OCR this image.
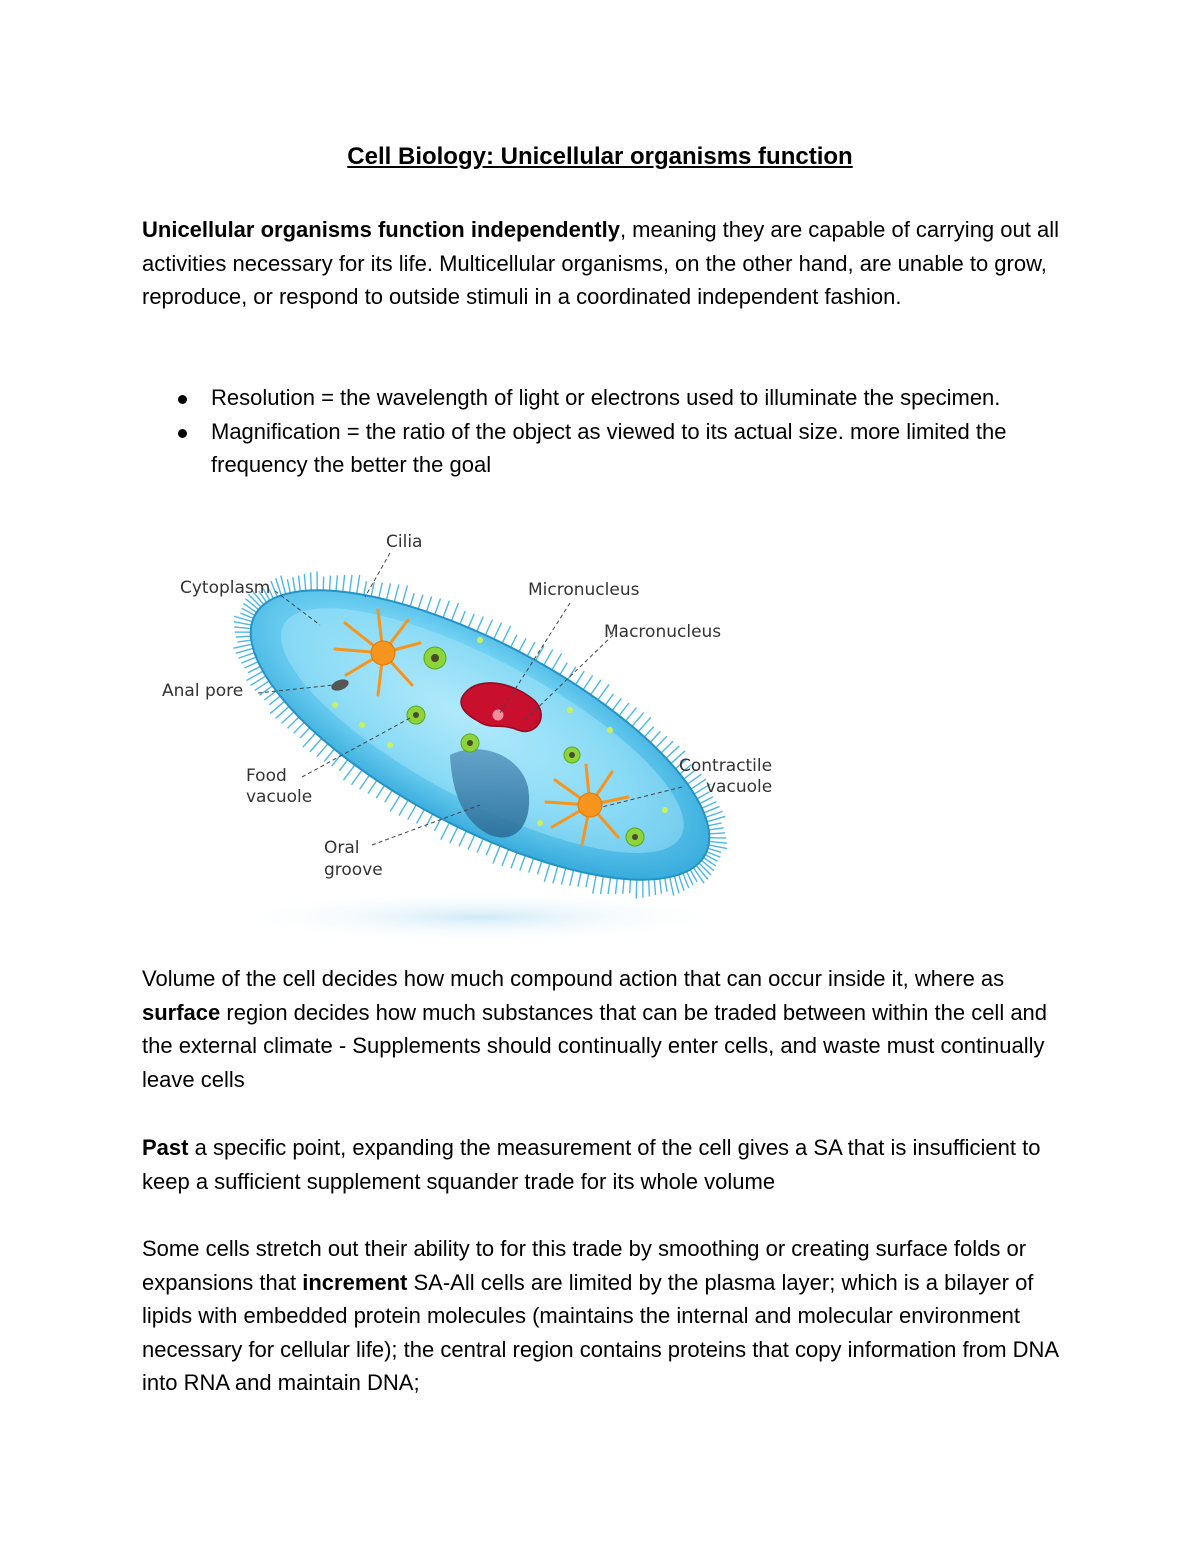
Cell Biology: Unicellular organisms function

Unicellular organisms function independently, meaning they are capable of carrying out all activities necessary for its life. Multicellular organisms, on the other hand, are unable to grow, reproduce, or respond to outside stimuli in a coordinated independent fashion.

Resolution = the wavelength of light or electrons used to illuminate the specimen.
Magnification = the ratio of the object as viewed to its actual size. more limited the frequency the better the goal
Cilia
Cytoplasm	Micronucleus
Macronucleus
Anal pore
Food
vacuole
Contractile
vacuole
Oral
groove

Volume of the cell decides how much compound action that can occur inside it, where as surface region decides how much substances that can be traded between within the cell and the external climate - Supplements should continually enter cells, and waste must continually leave cells

Past a specific point, expanding the measurement of the cell gives a SA that is insufficient to keep a sufficient supplement squander trade for its whole volume

Some cells stretch out their ability to for this trade by smoothing or creating surface folds or expansions that increment SA-All cells are limited by the plasma layer; which is a bilayer of lipids with embedded protein molecules (maintains the internal and molecular environment necessary for cellular life); the central region contains proteins that copy information from DNA into RNA and maintain DNA;
